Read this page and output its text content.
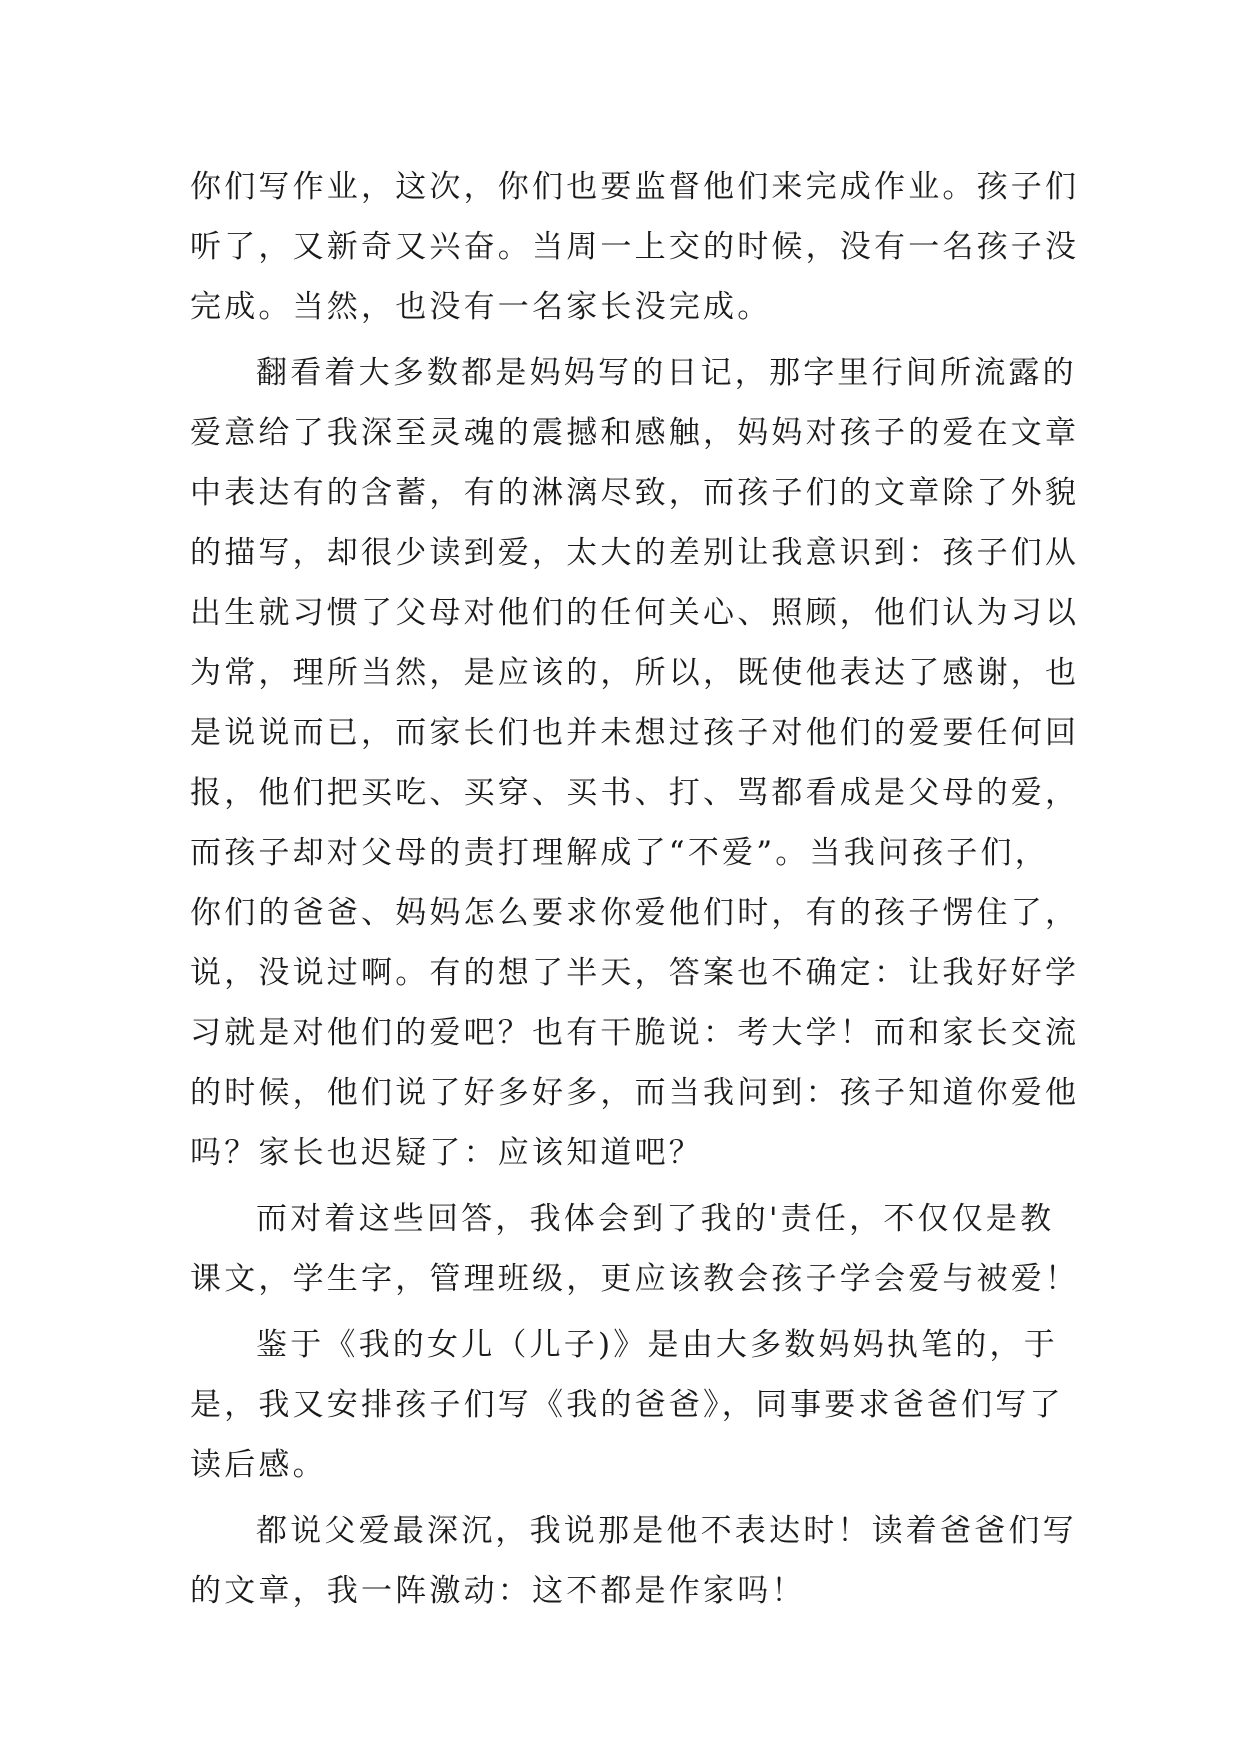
你们写作业，这次，你们也要监督他们来完成作业。孩子们
听了，又新奇又兴奋。当周一上交的时候，没有一名孩子没
完成。当然，也没有一名家长没完成。
翻看着大多数都是妈妈写的日记，那字里行间所流露的
爱意给了我深至灵魂的震撼和感触，妈妈对孩子的爱在文章
中表达有的含蓄，有的淋漓尽致，而孩子们的文章除了外貌
的描写，却很少读到爱，太大的差别让我意识到：孩子们从
出生就习惯了父母对他们的任何关心、照顾，他们认为习以
为常，理所当然，是应该的，所以，既使他表达了感谢，也
是说说而已，而家长们也并未想过孩子对他们的爱要任何回
报，他们把买吃、买穿、买书、打、骂都看成是父母的爱，
而孩子却对父母的责打理解成了“不爱”。当我问孩子们，
你们的爸爸、妈妈怎么要求你爱他们时，有的孩子愣住了，
说，没说过啊。有的想了半天，答案也不确定：让我好好学
习就是对他们的爱吧？也有干脆说：考大学！而和家长交流
的时候，他们说了好多好多，而当我问到：孩子知道你爱他
吗？家长也迟疑了：应该知道吧？
而对着这些回答，我体会到了我的'责任，不仅仅是教
课文，学生字，管理班级，更应该教会孩子学会爱与被爱！
鉴于《我的女儿（儿子)》是由大多数妈妈执笔的，于
是，我又安排孩子们写《我的爸爸》，同事要求爸爸们写了
读后感。
都说父爱最深沉，我说那是他不表达时！读着爸爸们写
的文章，我一阵激动：这不都是作家吗！
